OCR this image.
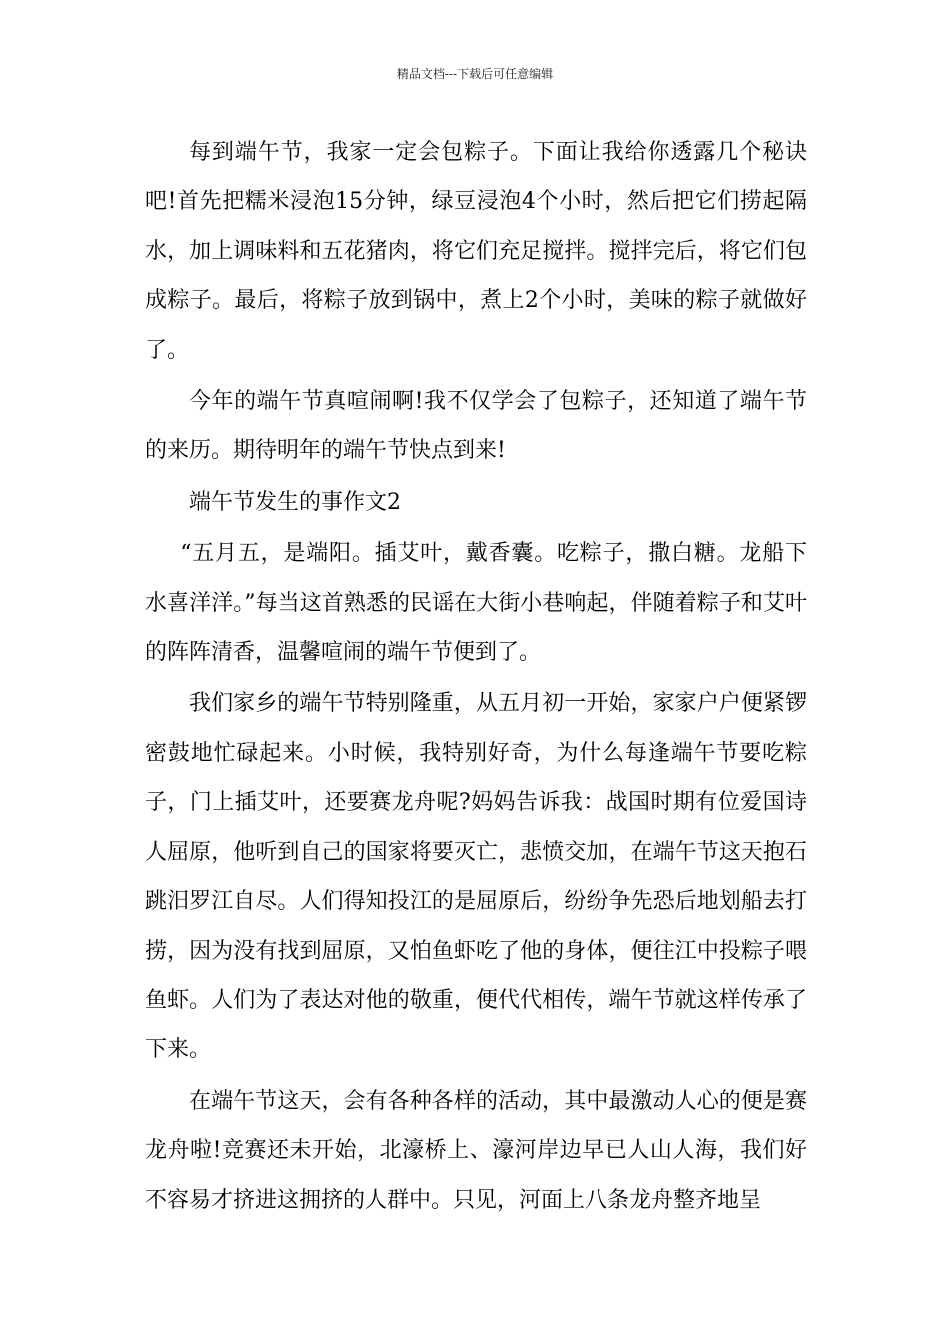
精品文档---下载后可任意编辑

每到端午节，我家一定会包粽子。下面让我给你透露几个秘诀吧!首先把糯米浸泡15分钟，绿豆浸泡4个小时，然后把它们捞起隔水，加上调味料和五花猪肉，将它们充足搅拌。搅拌完后，将它们包成粽子。最后，将粽子放到锅中，煮上2个小时，美味的粽子就做好了。

今年的端午节真喧闹啊!我不仅学会了包粽子，还知道了端午节的来历。期待明年的端午节快点到来!

端午节发生的事作文2

“五月五，是端阳。插艾叶，戴香囊。吃粽子，撒白糖。龙船下水喜洋洋。”每当这首熟悉的民谣在大街小巷响起，伴随着粽子和艾叶的阵阵清香，温馨喧闹的端午节便到了。

我们家乡的端午节特别隆重，从五月初一开始，家家户户便紧锣密鼓地忙碌起来。小时候，我特别好奇，为什么每逢端午节要吃粽子，门上插艾叶，还要赛龙舟呢?妈妈告诉我：战国时期有位爱国诗人屈原，他听到自己的国家将要灭亡，悲愤交加，在端午节这天抱石跳汨罗江自尽。人们得知投江的是屈原后，纷纷争先恐后地划船去打捞，因为没有找到屈原，又怕鱼虾吃了他的身体，便往江中投粽子喂鱼虾。人们为了表达对他的敬重，便代代相传，端午节就这样传承了下来。

在端午节这天，会有各种各样的活动，其中最激动人心的便是赛龙舟啦!竞赛还未开始，北濠桥上、濠河岸边早已人山人海，我们好不容易才挤进这拥挤的人群中。只见，河面上八条龙舟整齐地呈
